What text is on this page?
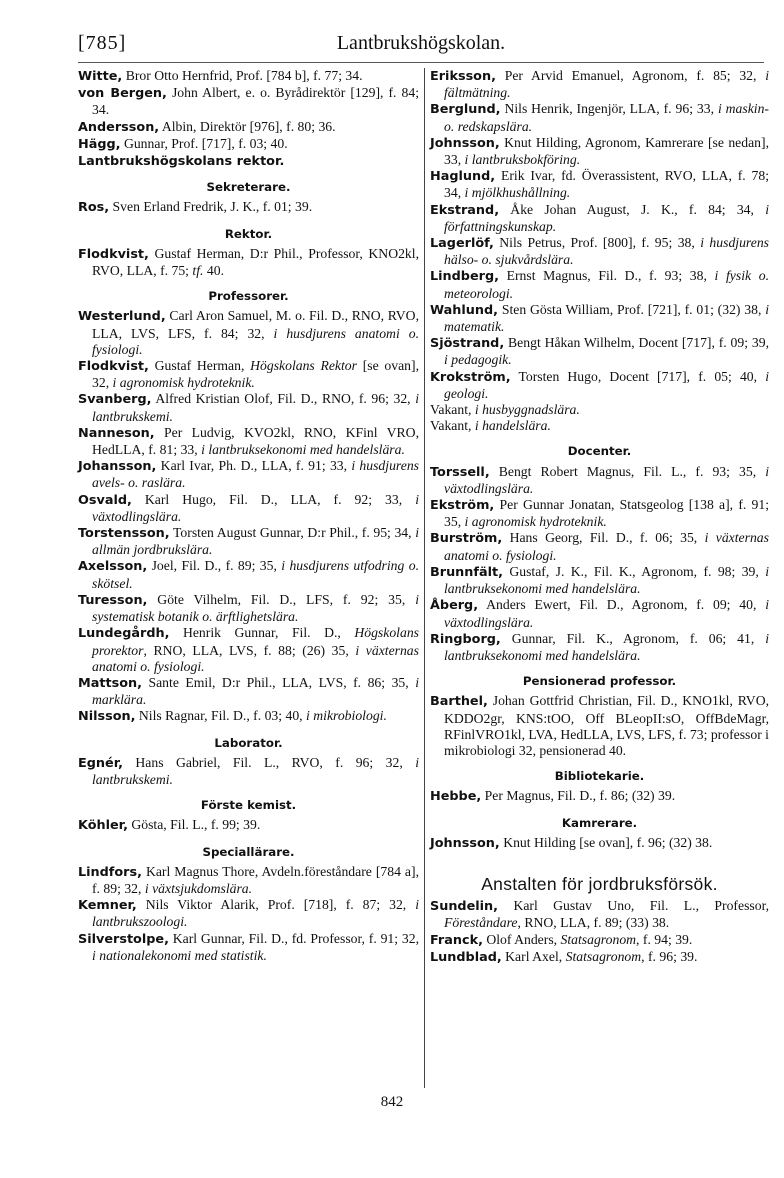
[785]	Lantbrukshögskolan.

Witte, Bror Otto Hernfrid, Prof. [784 b], f. 77; 34.

von Bergen, John Albert, e. o. Byrådirektör [129], f. 84; 34.

Andersson, Albin, Direktör [976], f. 80; 36.

Hägg, Gunnar, Prof. [717], f. 03; 40.

Lantbrukshögskolans rektor.

Sekreterare.

Ros, Sven Erland Fredrik, J. K., f. 01; 39.

Rektor.

Flodkvist, Gustaf Herman, D:r Phil., Professor, KNO2kl, RVO, LLA, f. 75; tf. 40.

Professorer.

Westerlund, Carl Aron Samuel, M. o. Fil. D., RNO, RVO, LLA, LVS, LFS, f. 84; 32, i husdjurens anatomi o. fysiologi.

Flodkvist, Gustaf Herman, Högskolans Rektor [se ovan], 32, i agronomisk hydroteknik.

Svanberg, Alfred Kristian Olof, Fil. D., RNO, f. 96; 32, i lantbrukskemi.

Nanneson, Per Ludvig, KVO2kl, RNO, KFinl VRO, HedLLA, f. 81; 33, i lantbruksekonomi med handelslära.

Johansson, Karl Ivar, Ph. D., LLA, f. 91; 33, i husdjurens avels- o. raslära.

Osvald, Karl Hugo, Fil. D., LLA, f. 92; 33, i växtodlingslära.

Torstensson, Torsten August Gunnar, D:r Phil., f. 95; 34, i allmän jordbrukslära.

Axelsson, Joel, Fil. D., f. 89; 35, i husdjurens utfodring o. skötsel.

Turesson, Göte Vilhelm, Fil. D., LFS, f. 92; 35, i systematisk botanik o. ärftlighetslära.

Lundegårdh, Henrik Gunnar, Fil. D., Högskolans prorektor, RNO, LLA, LVS, f. 88; (26) 35, i växternas anatomi o. fysiologi.

Mattson, Sante Emil, D:r Phil., LLA, LVS, f. 86; 35, i marklära.

Nilsson, Nils Ragnar, Fil. D., f. 03; 40, i mikrobiologi.

Laborator.

Egnér, Hans Gabriel, Fil. L., RVO, f. 96; 32, i lantbrukskemi.

Förste kemist.

Köhler, Gösta, Fil. L., f. 99; 39.

Speciallärare.

Lindfors, Karl Magnus Thore, Avdeln.föreståndare [784 a], f. 89; 32, i växtsjukdomslära.

Kemner, Nils Viktor Alarik, Prof. [718], f. 87; 32, i lantbrukszoologi.

Silverstolpe, Karl Gunnar, Fil. D., fd. Professor, f. 91; 32, i nationalekonomi med statistik.

Eriksson, Per Arvid Emanuel, Agronom, f. 85; 32, i fältmätning.

Berglund, Nils Henrik, Ingenjör, LLA, f. 96; 33, i maskin- o. redskapslära.

Johnsson, Knut Hilding, Agronom, Kamrerare [se nedan], 33, i lantbruksbokföring.

Haglund, Erik Ivar, fd. Överassistent, RVO, LLA, f. 78; 34, i mjölkhushållning.

Ekstrand, Åke Johan August, J. K., f. 84; 34, i författningskunskap.

Lagerlöf, Nils Petrus, Prof. [800], f. 95; 38, i husdjurens hälso- o. sjukvårdslära.

Lindberg, Ernst Magnus, Fil. D., f. 93; 38, i fysik o. meteorologi.

Wahlund, Sten Gösta William, Prof. [721], f. 01; (32) 38, i matematik.

Sjöstrand, Bengt Håkan Wilhelm, Docent [717], f. 09; 39, i pedagogik.

Krokström, Torsten Hugo, Docent [717], f. 05; 40, i geologi.

Vakant, i husbyggnadslära.

Vakant, i handelslära.

Docenter.

Torssell, Bengt Robert Magnus, Fil. L., f. 93; 35, i växtodlingslära.

Ekström, Per Gunnar Jonatan, Statsgeolog [138 a], f. 91; 35, i agronomisk hydroteknik.

Burström, Hans Georg, Fil. D., f. 06; 35, i växternas anatomi o. fysiologi.

Brunnfält, Gustaf, J. K., Fil. K., Agronom, f. 98; 39, i lantbruksekonomi med handelslära.

Åberg, Anders Ewert, Fil. D., Agronom, f. 09; 40, i växtodlingslära.

Ringborg, Gunnar, Fil. K., Agronom, f. 06; 41, i lantbruksekonomi med handelslära.

Pensionerad professor.

Barthel, Johan Gottfrid Christian, Fil. D., KNO1kl, RVO, KDDO2gr, KNS:tOO, Off BLeopII:sO, OffBdeMagr, RFinlVRO1kl, LVA, HedLLA, LVS, LFS, f. 73; professor i mikrobiologi 32, pensionerad 40.

Bibliotekarie.

Hebbe, Per Magnus, Fil. D., f. 86; (32) 39.

Kamrerare.

Johnsson, Knut Hilding [se ovan], f. 96; (32) 38.

Anstalten för jordbruksförsök.

Sundelin, Karl Gustav Uno, Fil. L., Professor, Föreståndare, RNO, LLA, f. 89; (33) 38.

Franck, Olof Anders, Statsagronom, f. 94; 39.

Lundblad, Karl Axel, Statsagronom, f. 96; 39.

842
